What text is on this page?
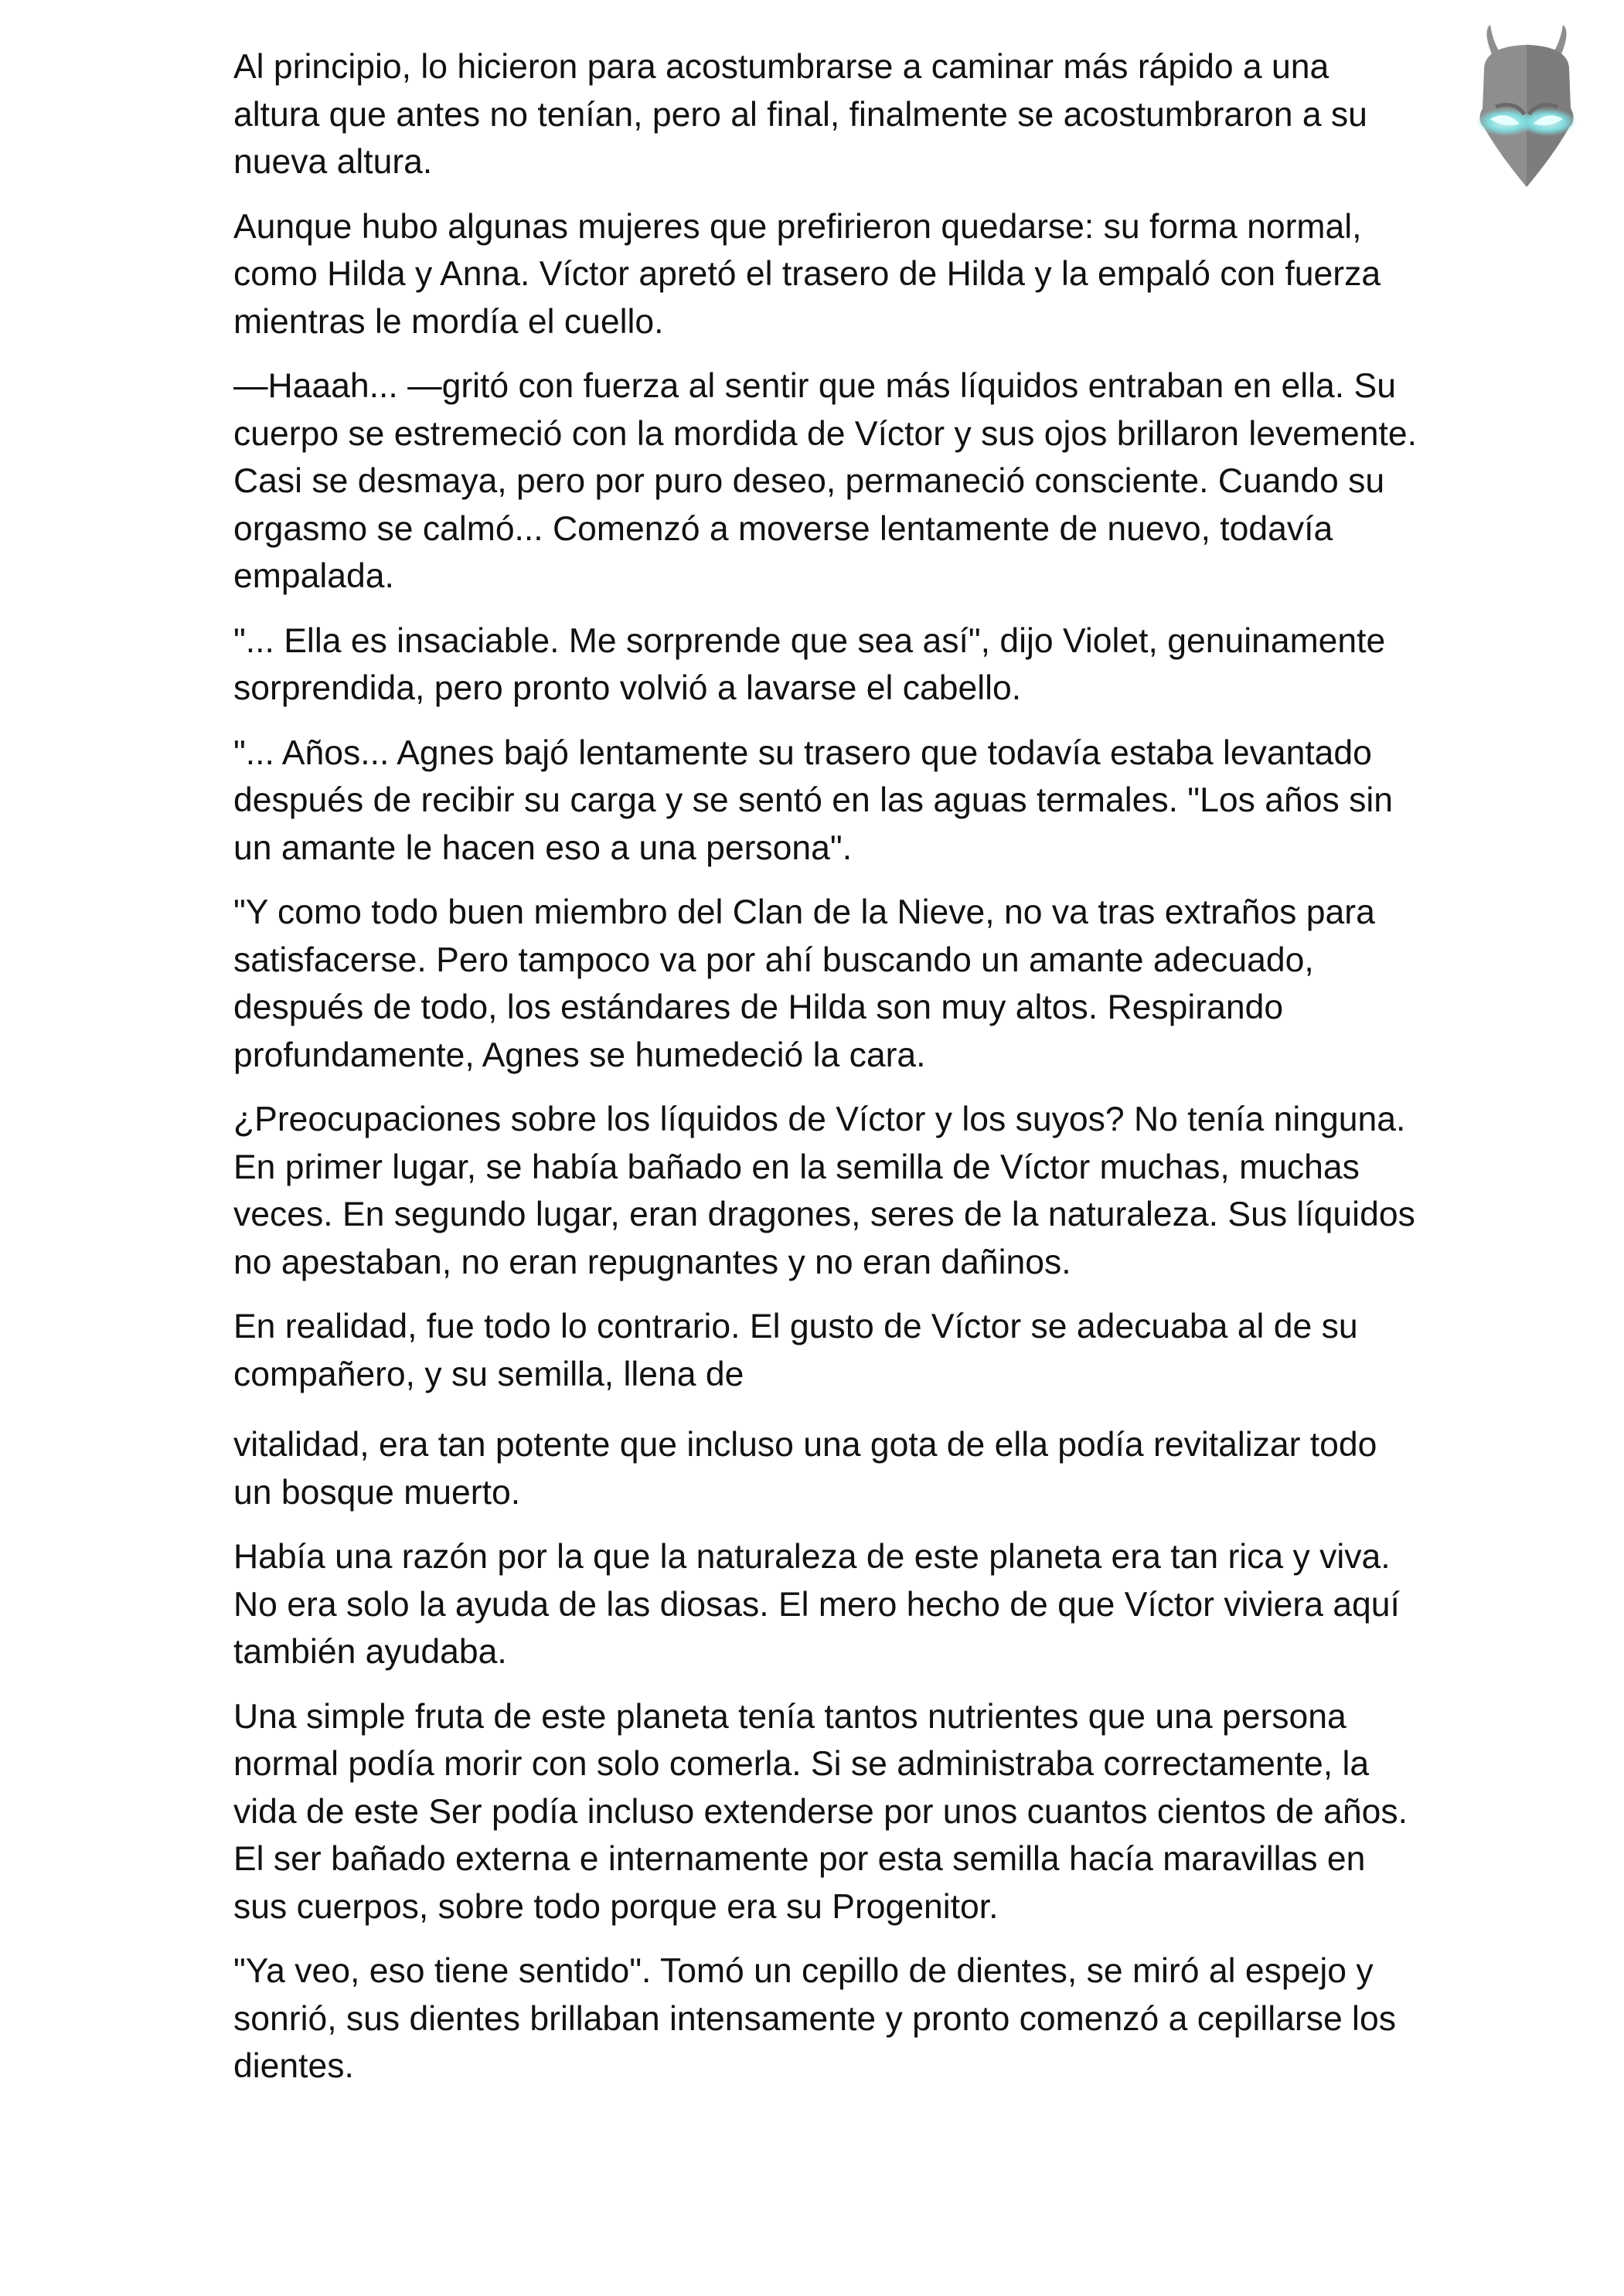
Al principio, lo hicieron para acostumbrarse a caminar más rápido a una altura que antes no tenían, pero al final, finalmente se acostumbraron a su nueva altura.

Aunque hubo algunas mujeres que prefirieron quedarse: su forma normal, como Hilda y Anna. Víctor apretó el trasero de Hilda y la empaló con fuerza mientras le mordía el cuello.

—Haaah... —gritó con fuerza al sentir que más líquidos entraban en ella. Su cuerpo se estremeció con la mordida de Víctor y sus ojos brillaron levemente. Casi se desmaya, pero por puro deseo, permaneció consciente. Cuando su orgasmo se calmó... Comenzó a moverse lentamente de nuevo, todavía empalada.

"... Ella es insaciable. Me sorprende que sea así", dijo Violet, genuinamente sorprendida, pero pronto volvió a lavarse el cabello.

"... Años... Agnes bajó lentamente su trasero que todavía estaba levantado después de recibir su carga y se sentó en las aguas termales. "Los años sin un amante le hacen eso a una persona".

"Y como todo buen miembro del Clan de la Nieve, no va tras extraños para satisfacerse. Pero tampoco va por ahí buscando un amante adecuado, después de todo, los estándares de Hilda son muy altos. Respirando profundamente, Agnes se humedeció la cara.

¿Preocupaciones sobre los líquidos de Víctor y los suyos? No tenía ninguna. En primer lugar, se había bañado en la semilla de Víctor muchas, muchas veces. En segundo lugar, eran dragones, seres de la naturaleza. Sus líquidos no apestaban, no eran repugnantes y no eran dañinos.

En realidad, fue todo lo contrario. El gusto de Víctor se adecuaba al de su compañero, y su semilla, llena de

vitalidad, era tan potente que incluso una gota de ella podía revitalizar todo un bosque muerto.

Había una razón por la que la naturaleza de este planeta era tan rica y viva. No era solo la ayuda de las diosas. El mero hecho de que Víctor viviera aquí también ayudaba.

Una simple fruta de este planeta tenía tantos nutrientes que una persona normal podía morir con solo comerla. Si se administraba correctamente, la vida de este Ser podía incluso extenderse por unos cuantos cientos de años. El ser bañado externa e internamente por esta semilla hacía maravillas en sus cuerpos, sobre todo porque era su Progenitor.

"Ya veo, eso tiene sentido". Tomó un cepillo de dientes, se miró al espejo y sonrió, sus dientes brillaban intensamente y pronto comenzó a cepillarse los dientes.
